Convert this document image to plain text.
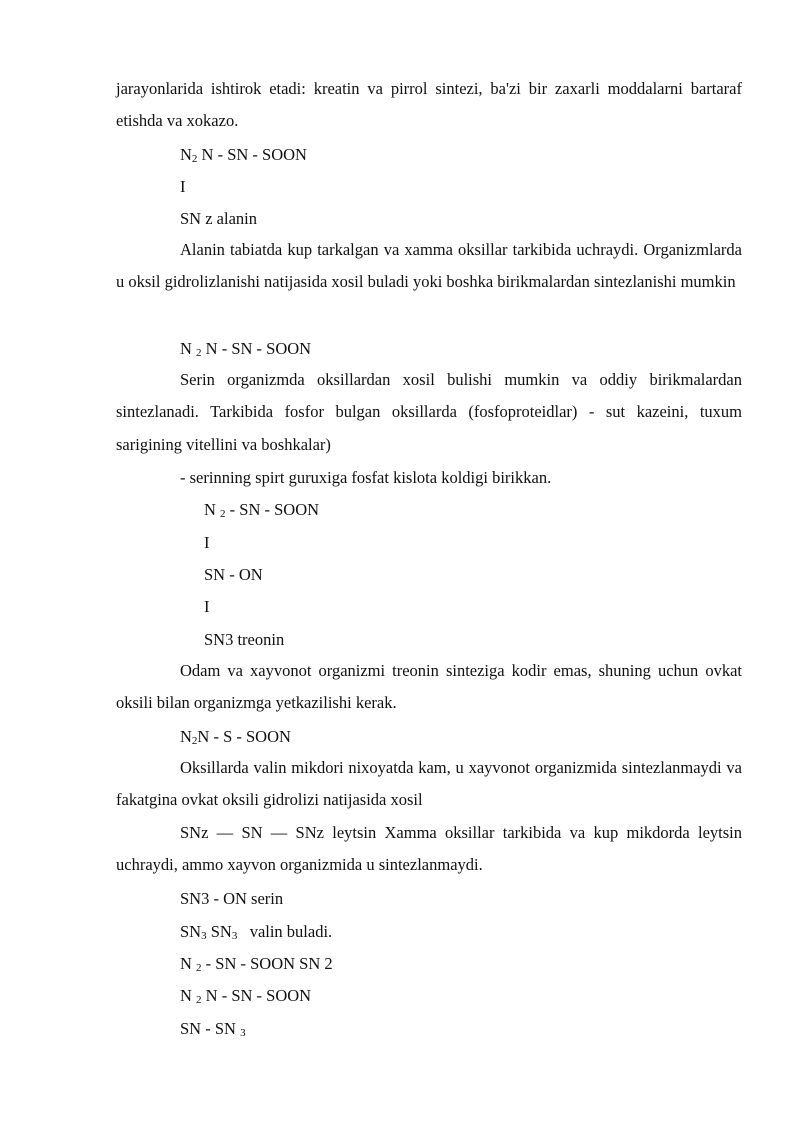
jarayonlarida ishtirok etadi: kreatin va pirrol sintezi, ba'zi bir zaxarli moddalarni bartaraf etishda va xokazo.

$N_2$ N - SN - SOON
I
SN z alanin

Alanin tabiatda kup tarkalgan va xamma oksillar tarkibida uchraydi. Organizmlarda u oksil gidrolizlanishi natijasida xosil buladi yoki boshka birikmalardan sintezlanishi mumkin

N $_2$ N - SN - SOON

Serin organizmda oksillardan xosil bulishi mumkin va oddiy birikmalardan sintezlanadi. Tarkibida fosfor bulgan oksillarda (fosfoproteidlar) - sut kazeini, tuxum sarigining vitellini va boshkalar)

- serinning spirt guruxiga fosfat kislota koldigi birikkan.
N $_2$ - SN - SOON
I
SN - ON
I
SN3 treonin

Odam va xayvonot organizmi treonin sinteziga kodir emas, shuning uchun ovkat oksili bilan organizmga yetkazilishi kerak.

$N_2N$ - S - SOON

Oksillarda valin mikdori nixoyatda kam, u xayvonot organizmida sintezlanmaydi va fakatgina ovkat oksili gidrolizi natijasida xosil

SNz — SN — SNz leytsin Xamma oksillar tarkibida va kup mikdorda leytsin uchraydi, ammo xayvon organizmida u sintezlanmaydi.

SN3 - ON serin
$SN_3$ $SN_3$   valin buladi.
N $_2$ - SN - SOON SN 2
N $_2$ N - SN - SOON
SN - SN $_3$
